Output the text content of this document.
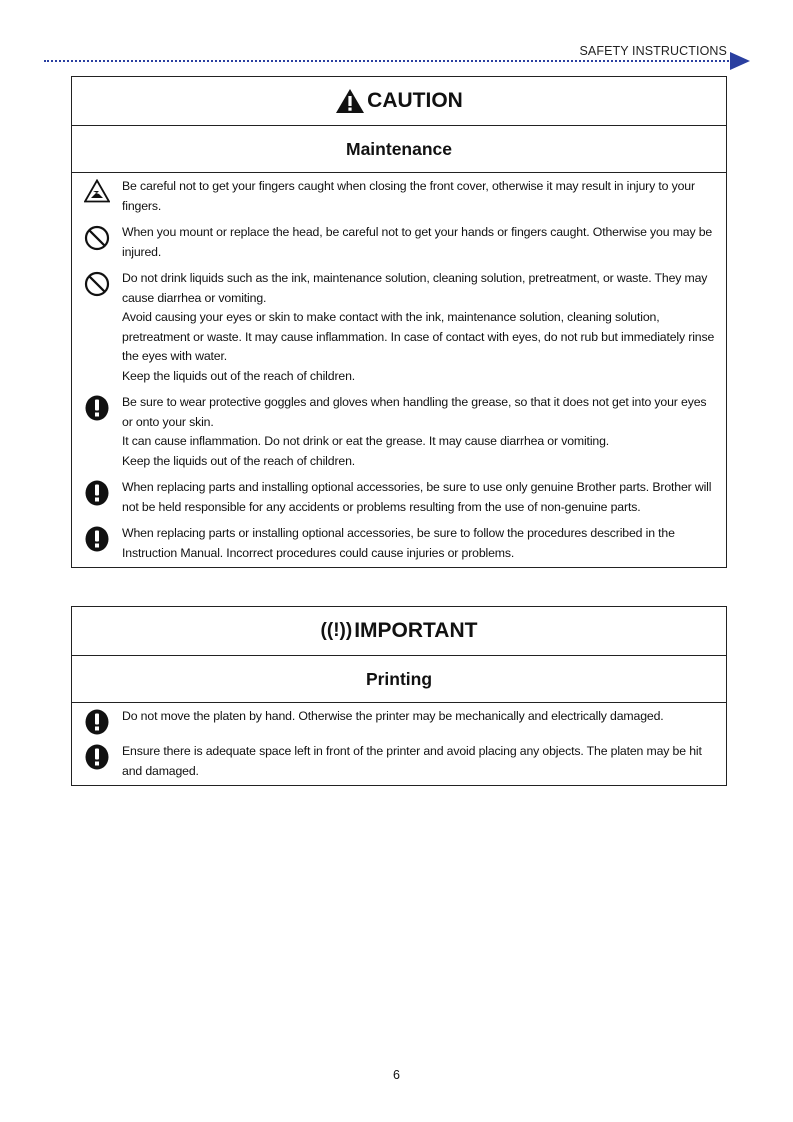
SAFETY INSTRUCTIONS
CAUTION
Maintenance

Be careful not to get your fingers caught when closing the front cover, otherwise it may result in injury to your fingers.

When you mount or replace the head, be careful not to get your hands or fingers caught. Otherwise you may be injured.

Do not drink liquids such as the ink, maintenance solution, cleaning solution, pretreatment, or waste. They may cause diarrhea or vomiting.

Avoid causing your eyes or skin to make contact with the ink, maintenance solution, cleaning solution, pretreatment or waste. It may cause inflammation. In case of contact with eyes, do not rub but immediately rinse the eyes with water.

Keep the liquids out of the reach of children.

Be sure to wear protective goggles and gloves when handling the grease, so that it does not get into your eyes or onto your skin.

It can cause inflammation. Do not drink or eat the grease. It may cause diarrhea or vomiting.

Keep the liquids out of the reach of children.

When replacing parts and installing optional accessories, be sure to use only genuine Brother parts. Brother will not be held responsible for any accidents or problems resulting from the use of non-genuine parts.

When replacing parts or installing optional accessories, be sure to follow the procedures described in the Instruction Manual. Incorrect procedures could cause injuries or problems.

((!)) IMPORTANT
Printing

Do not move the platen by hand. Otherwise the printer may be mechanically and electrically damaged.

Ensure there is adequate space left in front of the printer and avoid placing any objects. The platen may be hit and damaged.

6
